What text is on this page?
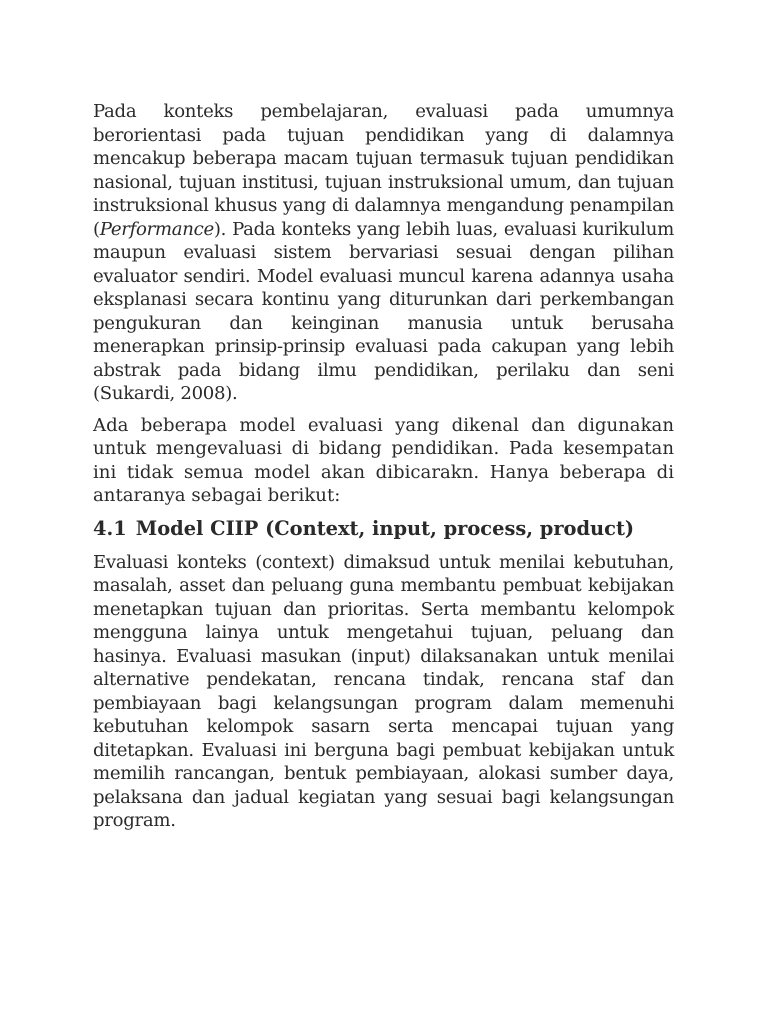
Pada konteks pembelajaran, evaluasi pada umumnya berorientasi pada tujuan pendidikan yang di dalamnya mencakup beberapa macam tujuan termasuk tujuan pendidikan nasional, tujuan institusi, tujuan instruksional umum, dan tujuan instruksional khusus yang di dalamnya mengandung penampilan (Performance). Pada konteks yang lebih luas, evaluasi kurikulum maupun evaluasi sistem bervariasi sesuai dengan pilihan evaluator sendiri. Model evaluasi muncul karena adannya usaha eksplanasi secara kontinu yang diturunkan dari perkembangan pengukuran dan keinginan manusia untuk berusaha menerapkan prinsip-prinsip evaluasi pada cakupan yang lebih abstrak pada bidang ilmu pendidikan, perilaku dan seni (Sukardi, 2008).

Ada beberapa model evaluasi yang dikenal dan digunakan untuk mengevaluasi di bidang pendidikan. Pada kesempatan ini tidak semua model akan dibicarakn. Hanya beberapa di antaranya sebagai berikut:

4.1 Model CIIP (Context, input, process, product)

Evaluasi konteks (context) dimaksud untuk menilai kebutuhan, masalah, asset dan peluang guna membantu pembuat kebijakan menetapkan tujuan dan prioritas. Serta membantu kelompok mengguna lainya untuk mengetahui tujuan, peluang dan hasinya. Evaluasi masukan (input) dilaksanakan untuk menilai alternative pendekatan, rencana tindak, rencana staf dan pembiayaan bagi kelangsungan program dalam memenuhi kebutuhan kelompok sasarn serta mencapai tujuan yang ditetapkan. Evaluasi ini berguna bagi pembuat kebijakan untuk memilih rancangan, bentuk pembiayaan, alokasi sumber daya, pelaksana dan jadual kegiatan yang sesuai bagi kelangsungan program.
